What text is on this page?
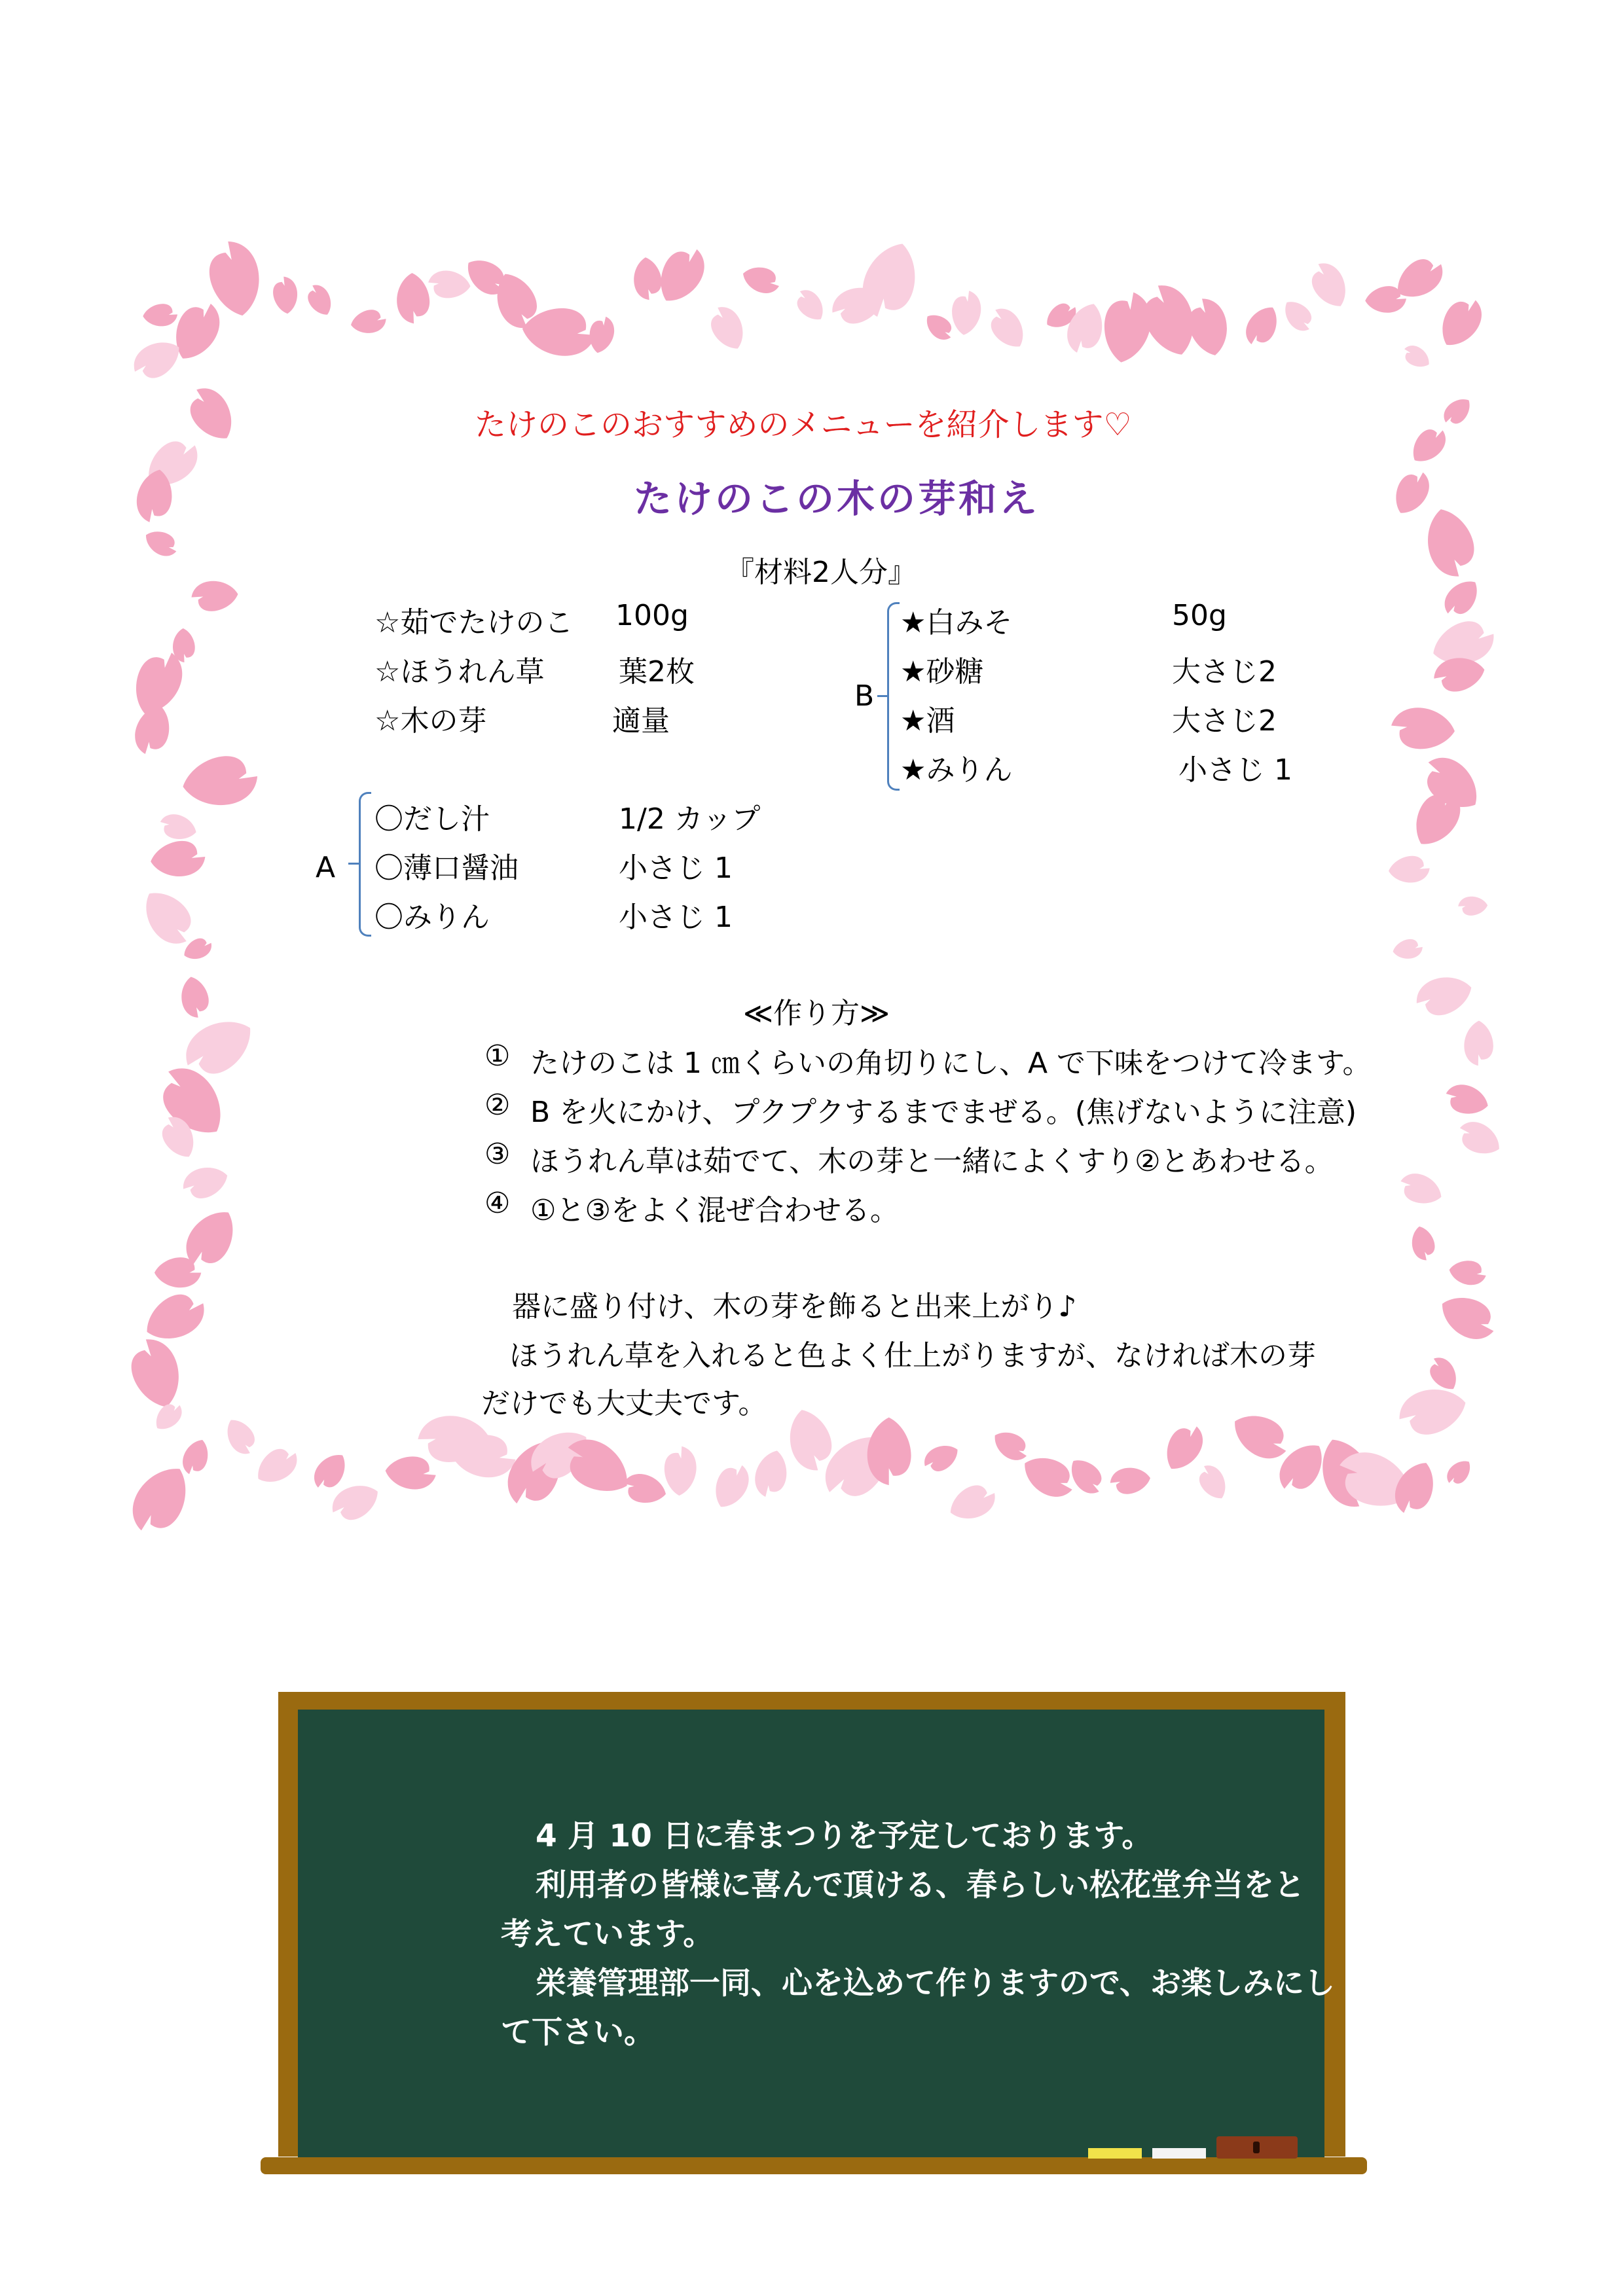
たけのこのおすすめのメニューを紹介します♡
たけのこの木の芽和え
『材料2人分』
☆茹でたけのこ 100g
☆ほうれん草	葉2枚
☆木の芽	適量
B
★白みそ	50g
★砂糖	大さじ2
★酒	大さじ2
★みりん	小さじ 1
A
〇だし汁	1/2 カップ
〇薄口醤油	小さじ 1
〇みりん	小さじ 1
≪作り方≫
① たけのこは 1 ㎝くらいの角切りにし、A で下味をつけて冷ます。
② B を火にかけ、プクプクするまでまぜる。(焦げないように注意)
③ ほうれん草は茹でて、木の芽と一緒によくすり②とあわせる。
④ ①と③をよく混ぜ合わせる。
器に盛り付け、木の芽を飾ると出来上がり♪
ほうれん草を入れると色よく仕上がりますが、なければ木の芽
だけでも大丈夫です。
4 月 10 日に春まつりを予定しております。
利用者の皆様に喜んで頂ける、春らしい松花堂弁当をと
考えています。
栄養管理部一同、心を込めて作りますので、お楽しみにし
て下さい。
